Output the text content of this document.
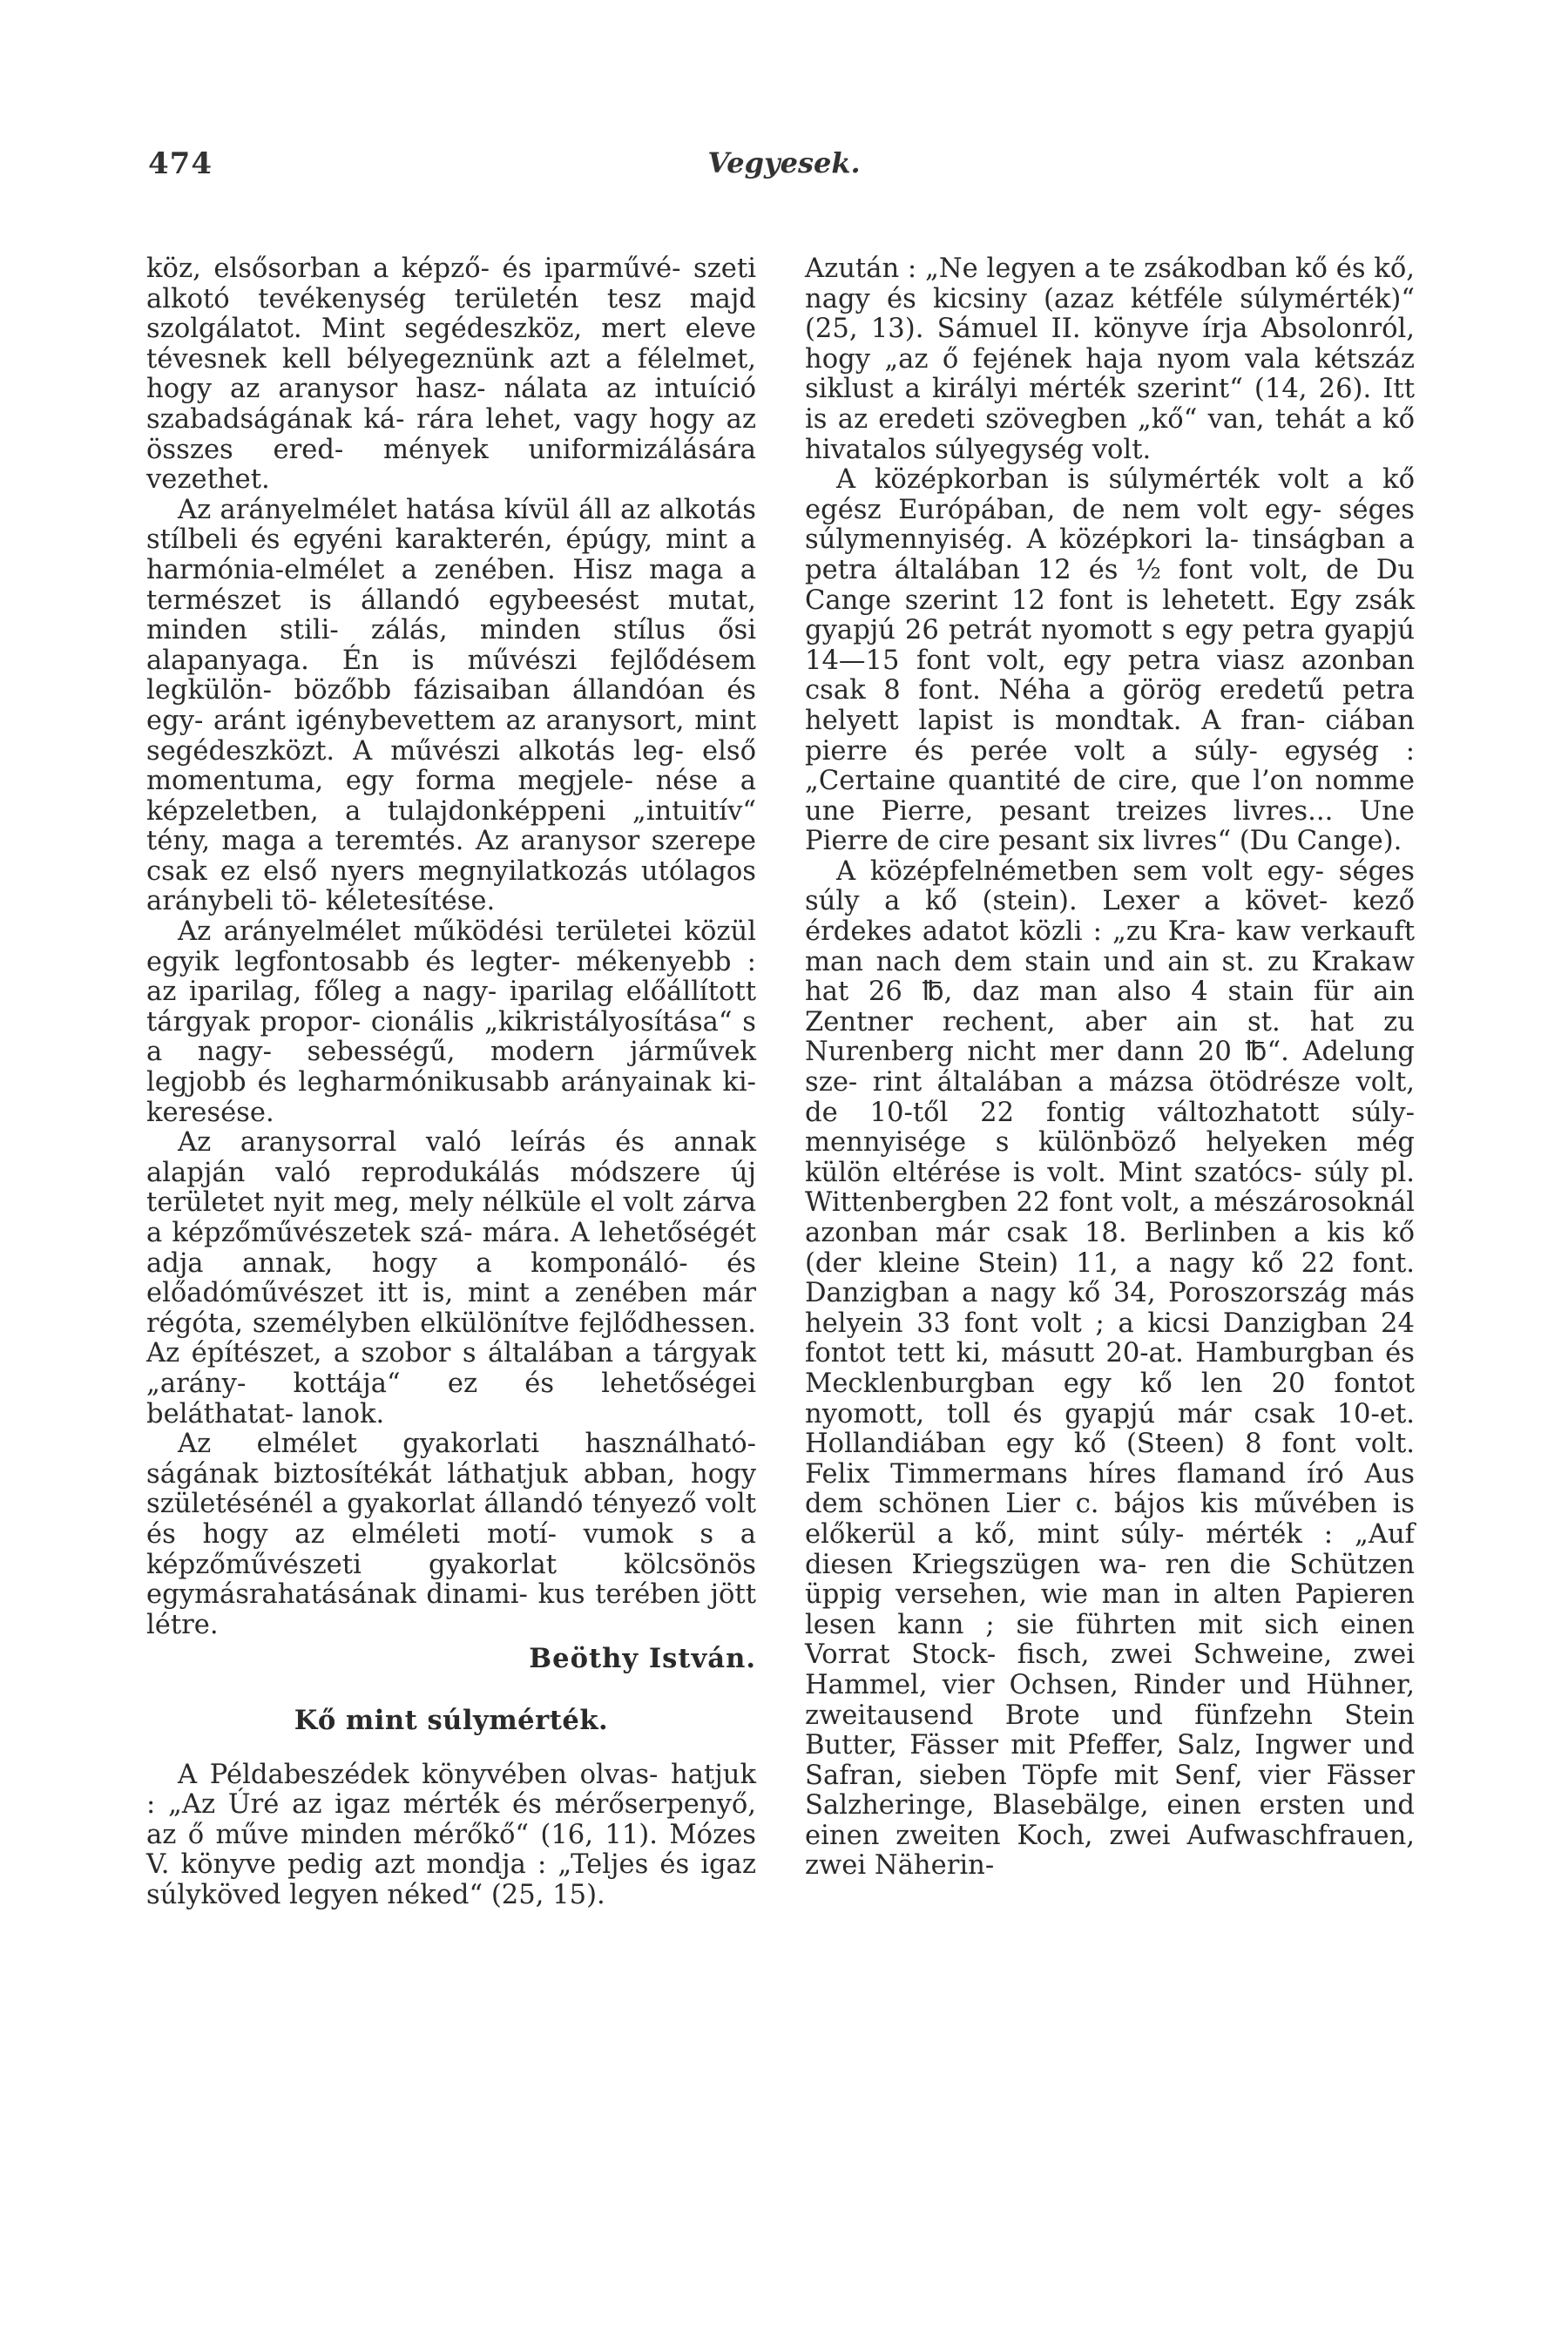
474	Vegyesek.

köz, elsősorban a képző- és iparművé- szeti alkotó tevékenység területén tesz majd szolgálatot. Mint segédeszköz, mert eleve tévesnek kell bélyegeznünk azt a félelmet, hogy az aranysor hasz- nálata az intuíció szabadságának ká- rára lehet, vagy hogy az összes ered- mények uniformizálására vezethet.

Az arányelmélet hatása kívül áll az alkotás stílbeli és egyéni karakterén, épúgy, mint a harmónia-elmélet a zenében. Hisz maga a természet is állandó egybeesést mutat, minden stili- zálás, minden stílus ősi alapanyaga. Én is művészi fejlődésem legkülön- bözőbb fázisaiban állandóan és egy- aránt igénybevettem az aranysort, mint segédeszközt. A művészi alkotás leg- első momentuma, egy forma megjele- nése a képzeletben, a tulajdonképpeni „intuitív“ tény, maga a teremtés. Az aranysor szerepe csak ez első nyers megnyilatkozás utólagos aránybeli tö- kéletesítése.

Az arányelmélet működési területei közül egyik legfontosabb és legter- mékenyebb : az iparilag, főleg a nagy- iparilag előállított tárgyak propor- cionális „kikristályosítása“ s a nagy- sebességű, modern járművek legjobb és legharmónikusabb arányainak ki- keresése.

Az aranysorral való leírás és annak alapján való reprodukálás módszere új területet nyit meg, mely nélküle el volt zárva a képzőművészetek szá- mára. A lehetőségét adja annak, hogy a komponáló- és előadóművészet itt is, mint a zenében már régóta, személyben elkülönítve fejlődhessen. Az építészet, a szobor s általában a tárgyak „arány- kottája“ ez és lehetőségei beláthatat- lanok.

Az elmélet gyakorlati használható- ságának biztosítékát láthatjuk abban, hogy születésénél a gyakorlat állandó tényező volt és hogy az elméleti motí- vumok s a képzőművészeti gyakorlat kölcsönös egymásrahatásának dinami- kus terében jött létre.

Beöthy István.

Kő mint súlymérték.

A Példabeszédek könyvében olvas- hatjuk : „Az Úré az igaz mérték és mérőserpenyő, az ő műve minden mérőkő“ (16, 11). Mózes V. könyve pedig azt mondja : „Teljes és igaz súlyköved legyen néked“ (25, 15).

Azután : „Ne legyen a te zsákodban kő és kő, nagy és kicsiny (azaz kétféle súlymérték)“ (25, 13). Sámuel II. könyve írja Absolonról, hogy „az ő fejének haja nyom vala kétszáz siklust a királyi mérték szerint“ (14, 26). Itt is az eredeti szövegben „kő“ van, tehát a kő hivatalos súlyegység volt.

A középkorban is súlymérték volt a kő egész Európában, de nem volt egy- séges súlymennyiség. A középkori la- tinságban a petra általában 12 és ½ font volt, de Du Cange szerint 12 font is lehetett. Egy zsák gyapjú 26 petrát nyomott s egy petra gyapjú 14—15 font volt, egy petra viasz azonban csak 8 font. Néha a görög eredetű petra helyett lapist is mondtak. A fran- ciában pierre és perée volt a súly- egység : „Certaine quantité de cire, que l’on nomme une Pierre, pesant treizes livres... Une Pierre de cire pesant six livres“ (Du Cange).

A középfelnémetben sem volt egy- séges súly a kő (stein). Lexer a követ- kező érdekes adatot közli : „zu Kra- kaw verkauft man nach dem stain und ain st. zu Krakaw hat 26 ℔, daz man also 4 stain für ain Zentner rechent, aber ain st. hat zu Nurenberg nicht mer dann 20 ℔“. Adelung sze- rint általában a mázsa ötödrésze volt, de 10-től 22 fontig változhatott súly- mennyisége s különböző helyeken még külön eltérése is volt. Mint szatócs- súly pl. Wittenbergben 22 font volt, a mészárosoknál azonban már csak 18. Berlinben a kis kő (der kleine Stein) 11, a nagy kő 22 font. Danzigban a nagy kő 34, Poroszország más helyein 33 font volt ; a kicsi Danzigban 24 fontot tett ki, másutt 20-at. Hamburgban és Mecklenburgban egy kő len 20 fontot nyomott, toll és gyapjú már csak 10-et. Hollandiában egy kő (Steen) 8 font volt. Felix Timmermans híres flamand író Aus dem schönen Lier c. bájos kis művében is előkerül a kő, mint súly- mérték : „Auf diesen Kriegszügen wa- ren die Schützen üppig versehen, wie man in alten Papieren lesen kann ; sie führten mit sich einen Vorrat Stock- fisch, zwei Schweine, zwei Hammel, vier Ochsen, Rinder und Hühner, zweitausend Brote und fünfzehn Stein Butter, Fässer mit Pfeffer, Salz, Ingwer und Safran, sieben Töpfe mit Senf, vier Fässer Salzheringe, Blasebälge, einen ersten und einen zweiten Koch, zwei Aufwaschfrauen, zwei Näherin-
